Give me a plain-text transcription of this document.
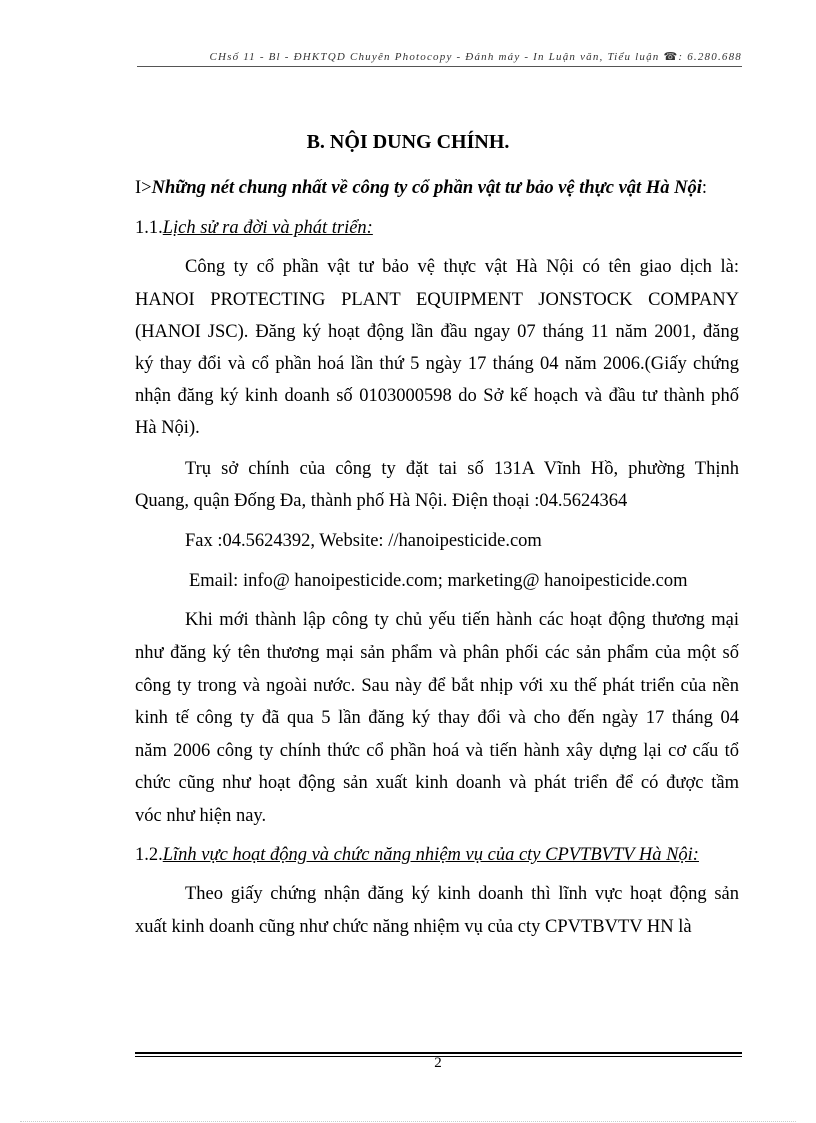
CHsố 11 - Bl - ĐHKTQD Chuyên Photocopy - Đánh máy - In Luận văn, Tiểu luận ☎: 6.280.688
B. NỘI DUNG CHÍNH.
I>Những nét chung nhất về công ty cổ phần vật tư bảo vệ thực vật Hà Nội:
1.1.Lịch sử ra đời và phát triển:
Công ty cổ phần vật tư bảo vệ thực vật Hà Nội có tên giao dịch là:
HANOI PROTECTING PLANT EQUIPMENT JONSTOCK COMPANY
(HANOI JSC). Đăng ký hoạt động lần đầu ngay 07 tháng 11 năm 2001, đăng
ký thay đổi và cổ phần hoá lần thứ 5 ngày 17 tháng 04 năm 2006.(Giấy chứng
nhận đăng ký kinh doanh số 0103000598 do Sở kế hoạch và đầu tư thành phố
Hà Nội).
Trụ sở chính của công ty đặt tai số 131A Vĩnh Hồ, phường Thịnh
Quang, quận Đống Đa, thành phố Hà Nội. Điện thoại :04.5624364
Fax :04.5624392, Website: //hanoipesticide.com
Email: info@ hanoipesticide.com; marketing@ hanoipesticide.com
Khi mới thành lập công ty chủ yếu tiến hành các hoạt động thương mại
như đăng ký tên thương mại sản phẩm và phân phối các sản phẩm của một số
công ty trong và ngoài nước. Sau này để bắt nhịp với xu thế phát triển của nền
kinh tế công ty đã qua 5 lần đăng ký thay đổi và cho đến ngày 17 tháng 04
năm 2006 công ty chính thức cổ phần hoá và tiến hành xây dựng lại cơ cấu tổ
chức cũng như hoạt động sản xuất kinh doanh và phát triển để có được tầm
vóc như hiện nay.
1.2.Lĩnh vực hoạt động và chức năng nhiệm vụ của cty CPVTBVTV Hà Nội:
Theo giấy chứng nhận đăng ký kinh doanh thì lĩnh vực hoạt động sản
xuất kinh doanh cũng như chức năng nhiệm vụ của cty CPVTBVTV HN là
2
